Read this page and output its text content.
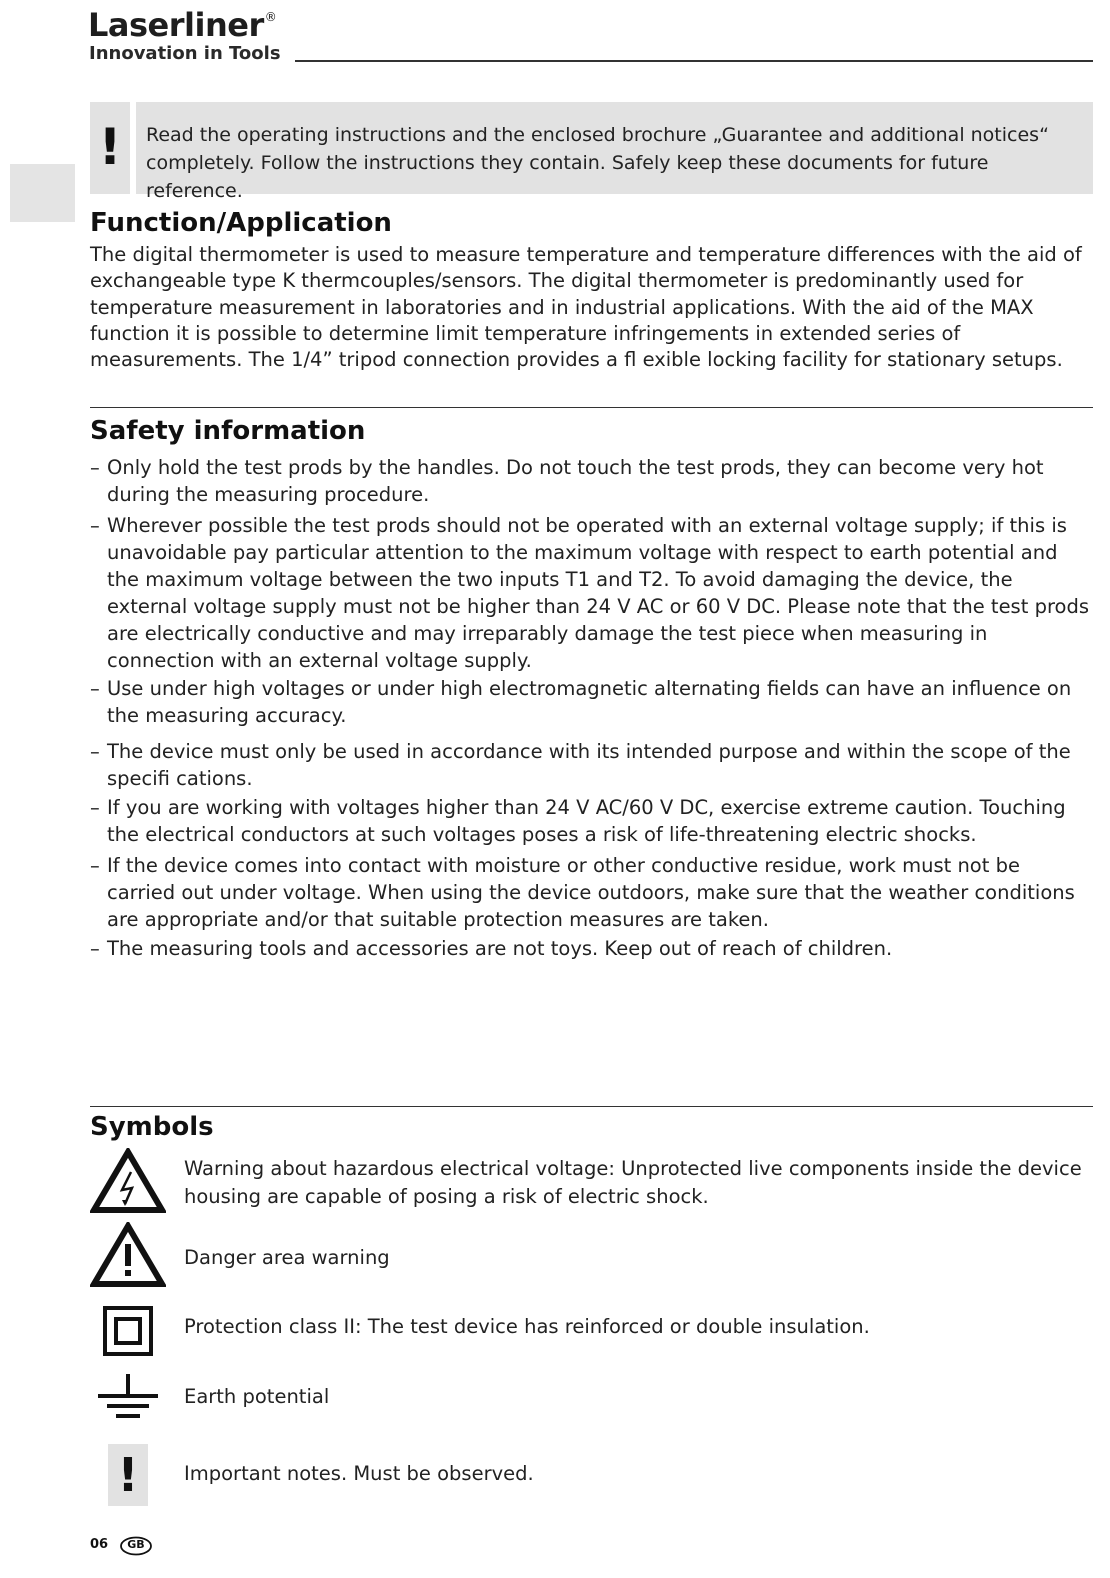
Laserliner®
Innovation in Tools
!	Read the operating instructions and the enclosed brochure „Guarantee and additional notices“ completely. Follow the instructions they contain. Safely keep these documents for future reference.
Function/Application
The digital thermometer is used to measure temperature and temperature differences with the aid of exchangeable type K thermcouples/sensors. The digital thermometer is predominantly used for temperature measurement in laboratories and in industrial applications. With the aid of the MAX function it is possible to determine limit temperature infringements in extended series of measurements. The 1/4” tripod connection provides a fl exible locking facility for stationary setups.
Safety information
– Only hold the test prods by the handles. Do not touch the test prods, they can become very hot during the measuring procedure.
– Wherever possible the test prods should not be operated with an external voltage supply; if this is unavoidable pay particular attention to the maximum voltage with respect to earth potential and the maximum voltage between the two inputs T1 and T2. To avoid damaging the device, the external voltage supply must not be higher than 24 V AC or 60 V DC. Please note that the test prods are electrically conductive and may irreparably damage the test piece when measuring in connection with an external voltage supply.
– Use under high voltages or under high electromagnetic alternating fields can have an influence on the measuring accuracy.
– The device must only be used in accordance with its intended purpose and within the scope of the specifi cations.
– If you are working with voltages higher than 24 V AC/60 V DC, exercise extreme caution. Touching the electrical conductors at such voltages poses a risk of life-threatening electric shocks.
– If the device comes into contact with moisture or other conductive residue, work must not be carried out under voltage. When using the device outdoors, make sure that the weather conditions are appropriate and/or that suitable protection measures are taken.
– The measuring tools and accessories are not toys. Keep out of reach of children.
Symbols
Warning about hazardous electrical voltage: Unprotected live components inside the device housing are capable of posing a risk of electric shock.
Danger area warning
Protection class II: The test device has reinforced or double insulation.
Earth potential
!	Important notes. Must be observed.
06	GB
